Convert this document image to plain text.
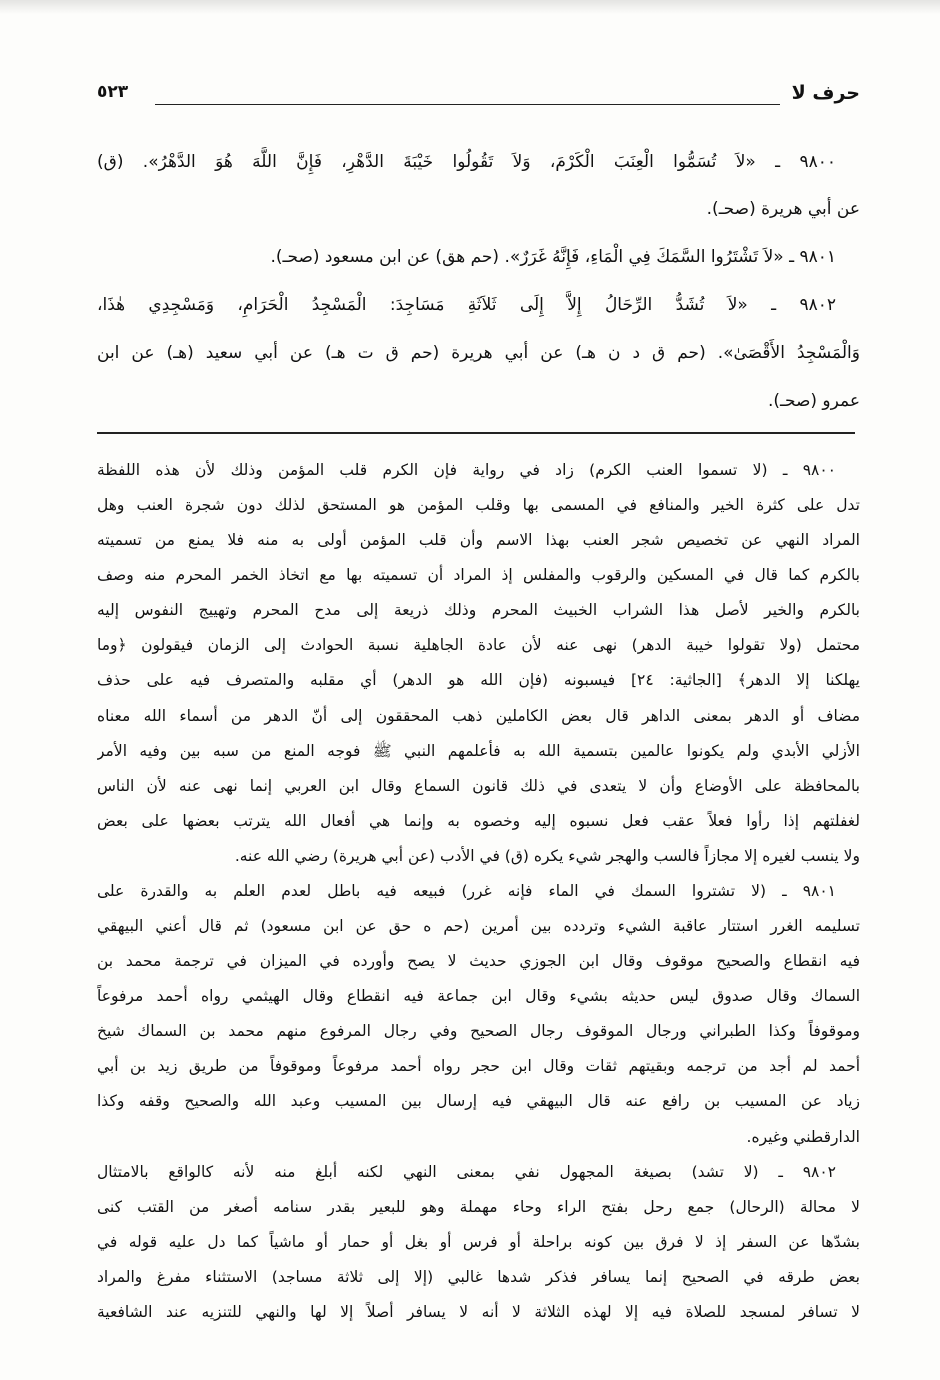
حرف لا
٥٢٣
٩٨٠٠ ـ «لاَ تُسَمُّوا الْعِنَبَ الْكَرْمَ، وَلاَ تَقُولُوا خَيْبَةَ الدَّهْرِ، فَإِنَّ اللَّهَ هُوَ الدَّهْرُ». (ق)
عن أبي هريرة (صحـ).
٩٨٠١ ـ «لاَ تَشْتَرُوا السَّمَكَ فِي الْمَاءِ، فَإِنَّهُ غَرَرٌ». (حم هق) عن ابن مسعود (صحـ).
٩٨٠٢ ـ «لاَ تُشَدُّ الرِّحَالُ إِلاَّ إِلَى ثَلاَثَةِ مَسَاجِدَ: الْمَسْجِدُ الْحَرَامِ، وَمَسْجِدِي هٰذَا،
وَالْمَسْجِدُ الأَقْصَىٰ». (حم ق د ن هـ) عن أبي هريرة (حم ق ت هـ) عن أبي سعيد (هـ) عن ابن
عمرو (صحـ).
٩٨٠٠ ـ (لا تسموا العنب الكرم) زاد في رواية فإن الكرم قلب المؤمن وذلك لأن هذه اللفظة
تدل على كثرة الخير والمنافع في المسمى بها وقلب المؤمن هو المستحق لذلك دون شجرة العنب وهل
المراد النهي عن تخصيص شجر العنب بهذا الاسم وأن قلب المؤمن أولى به منه فلا يمنع من تسميته
بالكرم كما قال في المسكين والرقوب والمفلس إذ المراد أن تسميته بها مع اتخاذ الخمر المحرم منه وصف
بالكرم والخير لأصل هذا الشراب الخبيث المحرم وذلك ذريعة إلى مدح المحرم وتهييج النفوس إليه
محتمل (ولا تقولوا خيبة الدهر) نهى عنه لأن عادة الجاهلية نسبة الحوادث إلى الزمان فيقولون ﴿وما
يهلكنا إلا الدهر﴾ [الجاثية: ٢٤] فيسبونه (فإن الله هو الدهر) أي مقلبه والمتصرف فيه على حذف
مضاف أو الدهر بمعنى الداهر قال بعض الكاملين ذهب المحققون إلى أنّ الدهر من أسماء الله معناه
الأزلي الأبدي ولم يكونوا عالمين بتسمية الله به فأعلمهم النبي ﷺ فوجه المنع من سبه بين وفيه الأمر
بالمحافظة على الأوضاع وأن لا يتعدى في ذلك قانون السماع وقال ابن العربي إنما نهى عنه لأن الناس
لغفلتهم إذا رأوا فعلاً عقب فعل نسبوه إليه وخصوه به وإنما هي أفعال الله يترتب بعضها على بعض
ولا ينسب لغيره إلا مجازاً فالسب والهجر شيء يكره (ق) في الأدب (عن أبي هريرة) رضي الله عنه.
٩٨٠١ ـ (لا تشتروا السمك في الماء فإنه غرر) فبيعه فيه باطل لعدم العلم به والقدرة على
تسليمه الغرر استتار عاقبة الشيء وتردده بين أمرين (حم ه حق عن ابن مسعود) ثم قال أعني البيهقي
فيه انقطاع والصحيح موقوف وقال ابن الجوزي حديث لا يصح وأورده في الميزان في ترجمة محمد بن
السماك وقال صدوق ليس حديثه بشيء وقال ابن جماعة فيه انقطاع وقال الهيثمي رواه أحمد مرفوعاً
وموقوفاً وكذا الطبراني ورجال الموقوف رجال الصحيح وفي رجال المرفوع منهم محمد بن السماك شيخ
أحمد لم أجد من ترجمه وبقيتهم ثقات وقال ابن حجر رواه أحمد مرفوعاً وموقوفاً من طريق زيد بن أبي
زياد عن المسيب بن رافع عنه قال البيهقي فيه إرسال بين المسيب وعبد الله والصحيح وقفه وكذا
الدارقطني وغيره.
٩٨٠٢ ـ (لا تشد) بصيغة المجهول نفي بمعنى النهي لكنه أبلغ منه لأنه كالواقع بالامتثال
لا محالة (الرحال) جمع رحل بفتح الراء وحاء مهملة وهو للبعير بقدر سنامه أصغر من القتب كنى
بشدّها عن السفر إذ لا فرق بين كونه براحلة أو فرس أو بغل أو حمار أو ماشياً كما دل عليه قوله في
بعض طرقه في الصحيح إنما يسافر فذكر شدها غالبي (إلا إلى ثلاثة مساجد) الاستثناء مفرغ والمراد
لا تسافر لمسجد للصلاة فيه إلا لهذه الثلاثة لا أنه لا يسافر أصلاً إلا لها والنهي للتنزيه عند الشافعية
